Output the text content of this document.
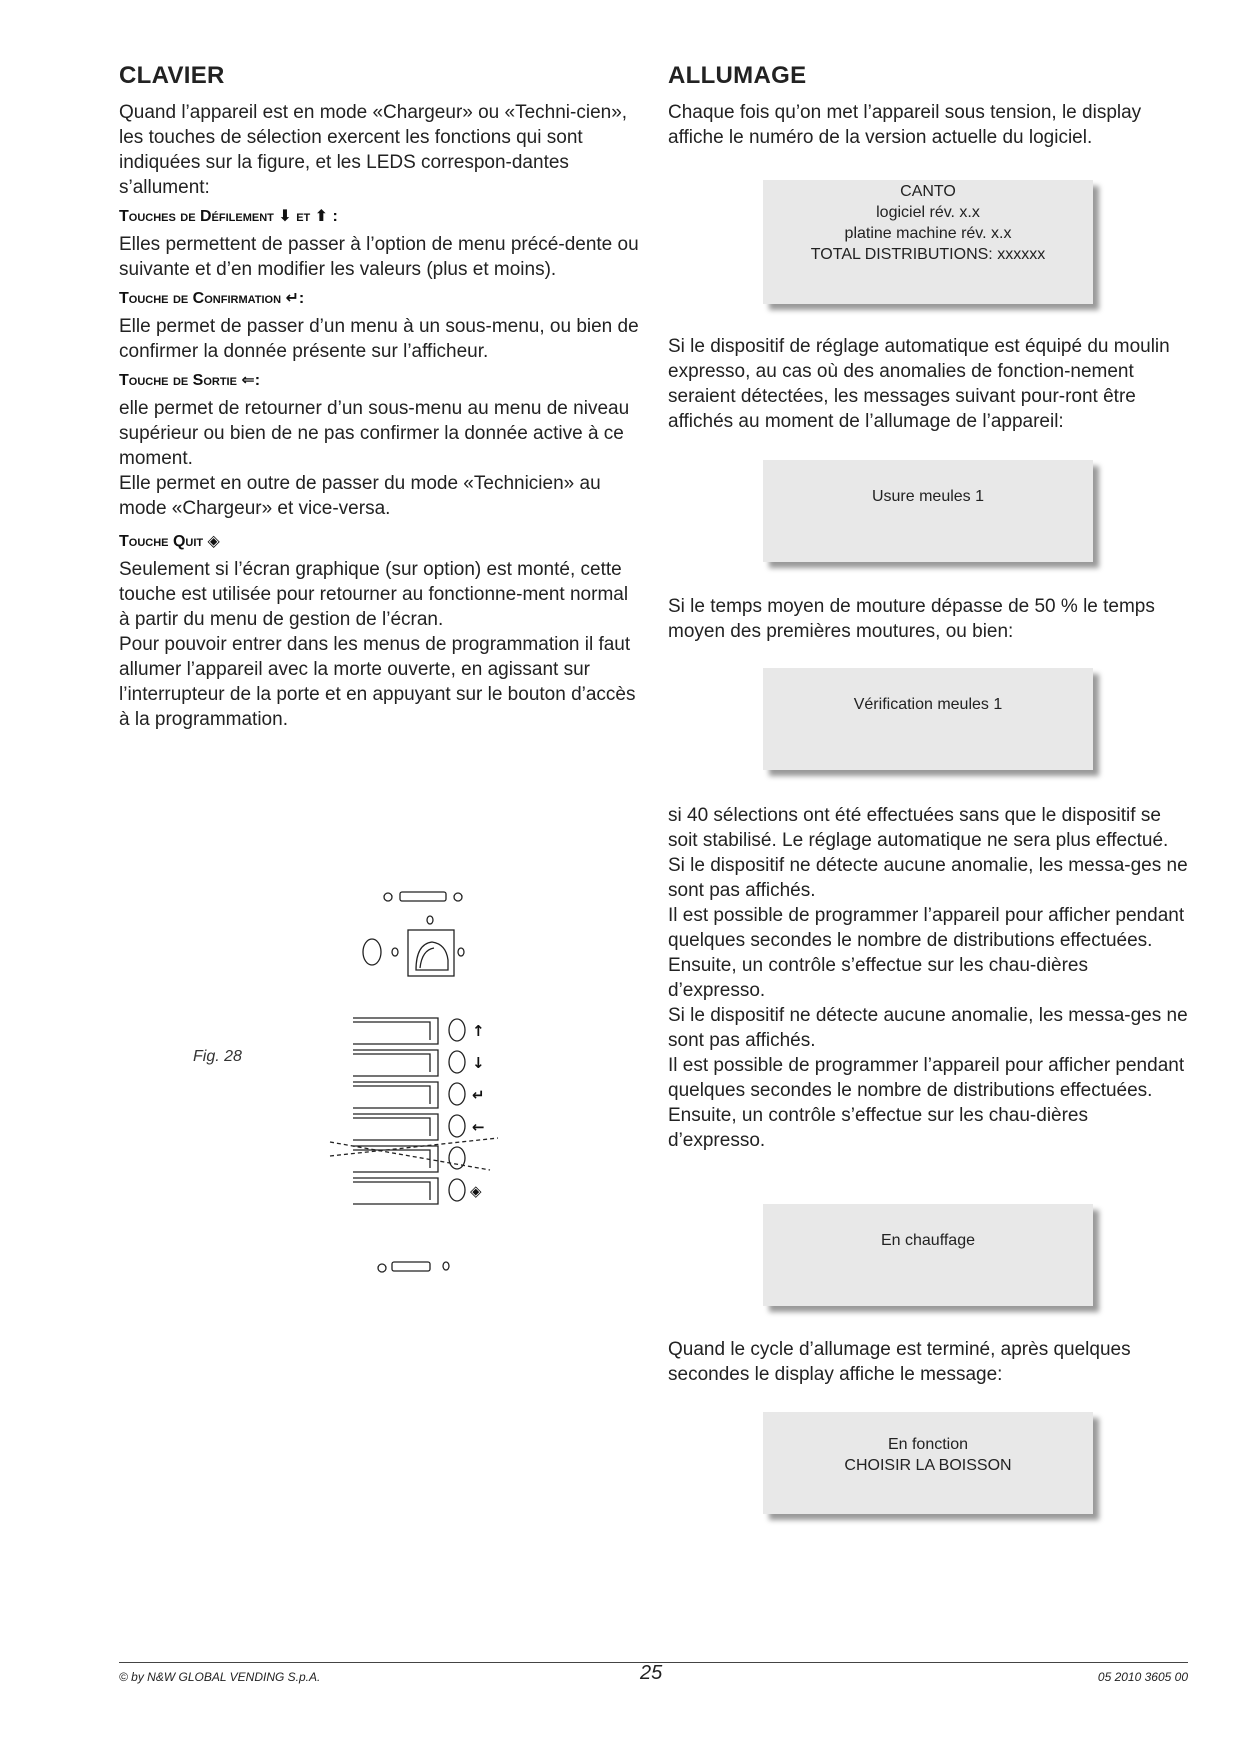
CLAVIER

Quand l’appareil est en mode «Chargeur» ou «Techni-cien», les touches de sélection exercent les fonctions qui sont indiquées sur la figure, et les LEDS correspon-dantes s’allument:

Touches de Défilement ⬇ et ⬆ :

Elles permettent de passer à l’option de menu précé-dente ou suivante et d’en modifier les valeurs (plus et moins).

Touche de Confirmation ↵:

Elle permet de passer d’un menu à un sous-menu, ou bien de confirmer la donnée présente sur l’afficheur.

Touche de Sortie ⇐:

elle permet de retourner d’un sous-menu au menu de niveau supérieur ou bien de ne pas confirmer la donnée active à ce moment.
Elle permet en outre de passer du mode «Technicien» au mode «Chargeur» et vice-versa.

Touche Quit ◈

Seulement si l’écran graphique (sur option) est monté, cette touche est utilisée pour retourner au fonctionne-ment normal à partir du menu de gestion de l’écran.
Pour pouvoir entrer dans les menus de programmation il faut allumer l’appareil avec la morte ouverte, en agissant sur l’interrupteur de la porte et en appuyant sur le bouton d’accès à la programmation.

Fig. 28
↑
↓
↵
←
◈
ALLUMAGE

Chaque fois qu’on met l’appareil sous tension, le display affiche le numéro de la version actuelle du logiciel.

CANTO
logiciel rév. x.x
platine machine rév. x.x
TOTAL DISTRIBUTIONS: xxxxxx

Si le dispositif de réglage automatique est équipé du moulin expresso, au cas où des anomalies de fonction-nement seraient détectées, les messages suivant pour-ront être affichés au moment de l’allumage de l’appareil:

Usure meules 1

Si le temps moyen de mouture dépasse de 50 % le temps moyen des premières moutures, ou bien:

Vérification meules 1

si 40 sélections ont été effectuées sans que le dispositif se soit stabilisé. Le réglage automatique ne sera plus effectué.
Si le dispositif ne détecte aucune anomalie, les messa-ges ne sont pas affichés.
Il est possible de programmer l’appareil pour afficher pendant quelques secondes le nombre de distributions effectuées. Ensuite, un contrôle s’effectue sur les chau-dières d’expresso.
Si le dispositif ne détecte aucune anomalie, les messa-ges ne sont pas affichés.
Il est possible de programmer l’appareil pour afficher pendant quelques secondes le nombre de distributions effectuées. Ensuite, un contrôle s’effectue sur les chau-dières d’expresso.

En chauffage

Quand le cycle d’allumage est terminé, après quelques secondes le display affiche le message:

En fonction
CHOISIR LA BOISSON
© by N&W GLOBAL VENDING S.p.A.	25	05 2010 3605 00
